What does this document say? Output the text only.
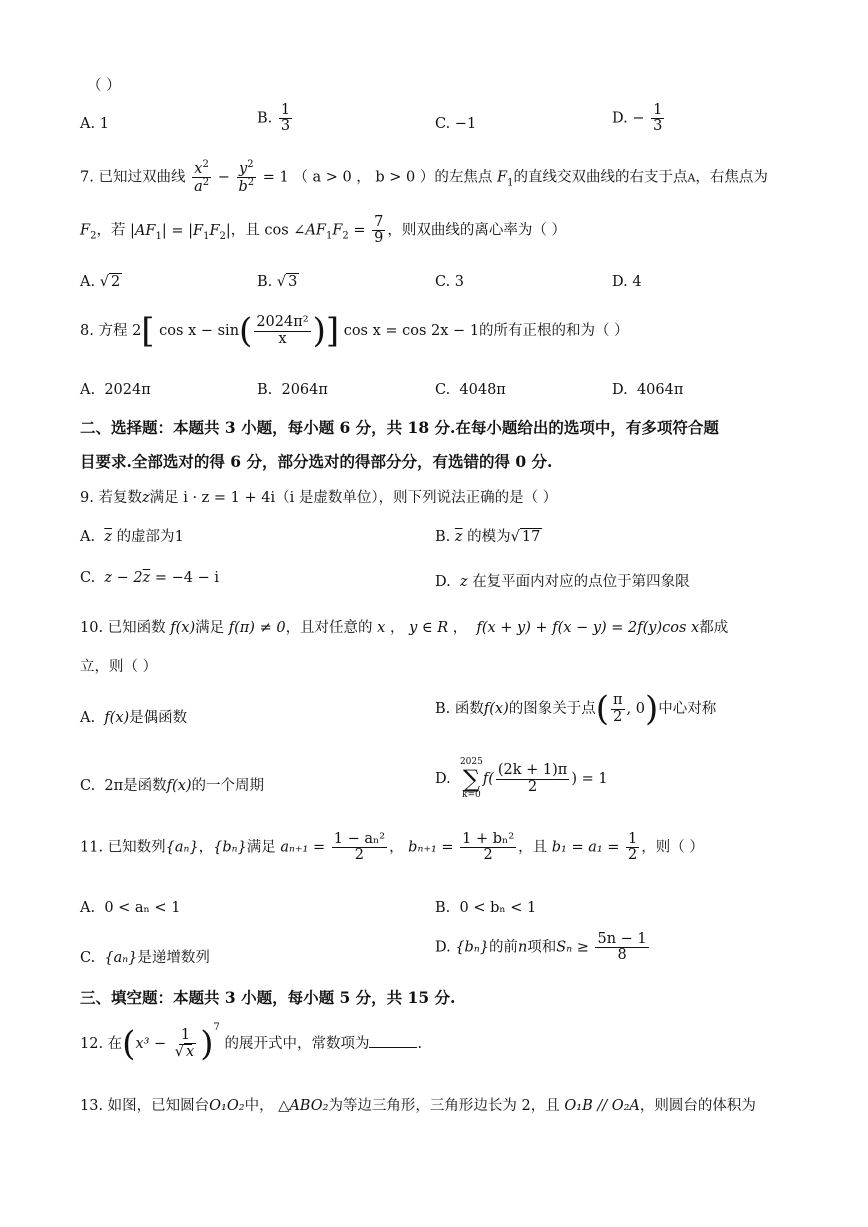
（ ）
A. 1	B. $\frac{1}{3}$	C. −1	D. − $\frac{1}{3}$
7. 已知过双曲线 $\frac{x^2}{a^2} - \frac{y^2}{b^2} = 1$ （ a > 0 ， b > 0 ）的左焦点 $F_1$的直线交双曲线的右支于点A，右焦点为
$F_2$，若 $|AF_1| = |F_1F_2|$，且 $\cos \angle AF_1F_2 = \frac{7}{9}$ ，则双曲线的离心率为（ ）
A. √ 2	B. √ 3	C. 3	D. 4
8. 方程 2[ $\cos x - \sin( \frac{\text{2024π²}}{x}$ )] cos x = cos 2x − 1的所有正根的和为（ ）
A. 2024π	B. 2064π	C. 4048π	D. 4064π
二、选择题：本题共 3 小题，每小题 6 分，共 18 分.在每小题给出的选项中，有多项符合题
目要求.全部选对的得 6 分，部分选对的得部分分，有选错的得 0 分.
9. 若复数z满足 i · z = 1 + 4i（i 是虚数单位），则下列说法正确的是（ ）
A. $\overline{z}$ 的虚部为1	B. $\overline{z}$ 的模为√ 17
C. $z - 2\overline{z} = -4 - i$	D. z 在复平面内对应的点位于第四象限
10. 已知函数 f(x)满足 f(π) ≠ 0，且对任意的 x ， y ∈ R ，  f(x + y) + f(x − y) = 2f(y)cos x都成
立，则（ ）
A. f(x)是偶函数
B. 函数f(x)的图象关于点( $\frac{\pi}{2}$ , 0)中心对称
C. 2π是函数f(x)的一个周期	D.
2025
∑
k=0
$f( \frac{(2k + 1)\pi}{2}$ ) = 1
11. 已知数列{aₙ}，{bₙ}满足 $a_{n+1} = \frac{\text{1 − aₙ²}}{2}$ ， $b_{n+1} = \frac{\text{1 + bₙ²}}{2}$ ，且 $b_1 = a_1 = \frac{1}{2}$ ，则（ ）
A. 0 < aₙ < 1	B. 0 < bₙ < 1
C. {aₙ}是递增数列
D. {bₙ}的前n项和$S_n \ge \frac{5n - 1}{8}$
三、填空题：本题共 3 小题，每小题 5 分，共 15 分.
12. 在$(x^3 - \frac{1}{√ x} )^7$ 的展开式中，常数项为	.
13. 如图，已知圆台O₁O₂中， △ABO₂为等边三角形，三角形边长为 2，且 O₁B // O₂A，则圆台的体积为
